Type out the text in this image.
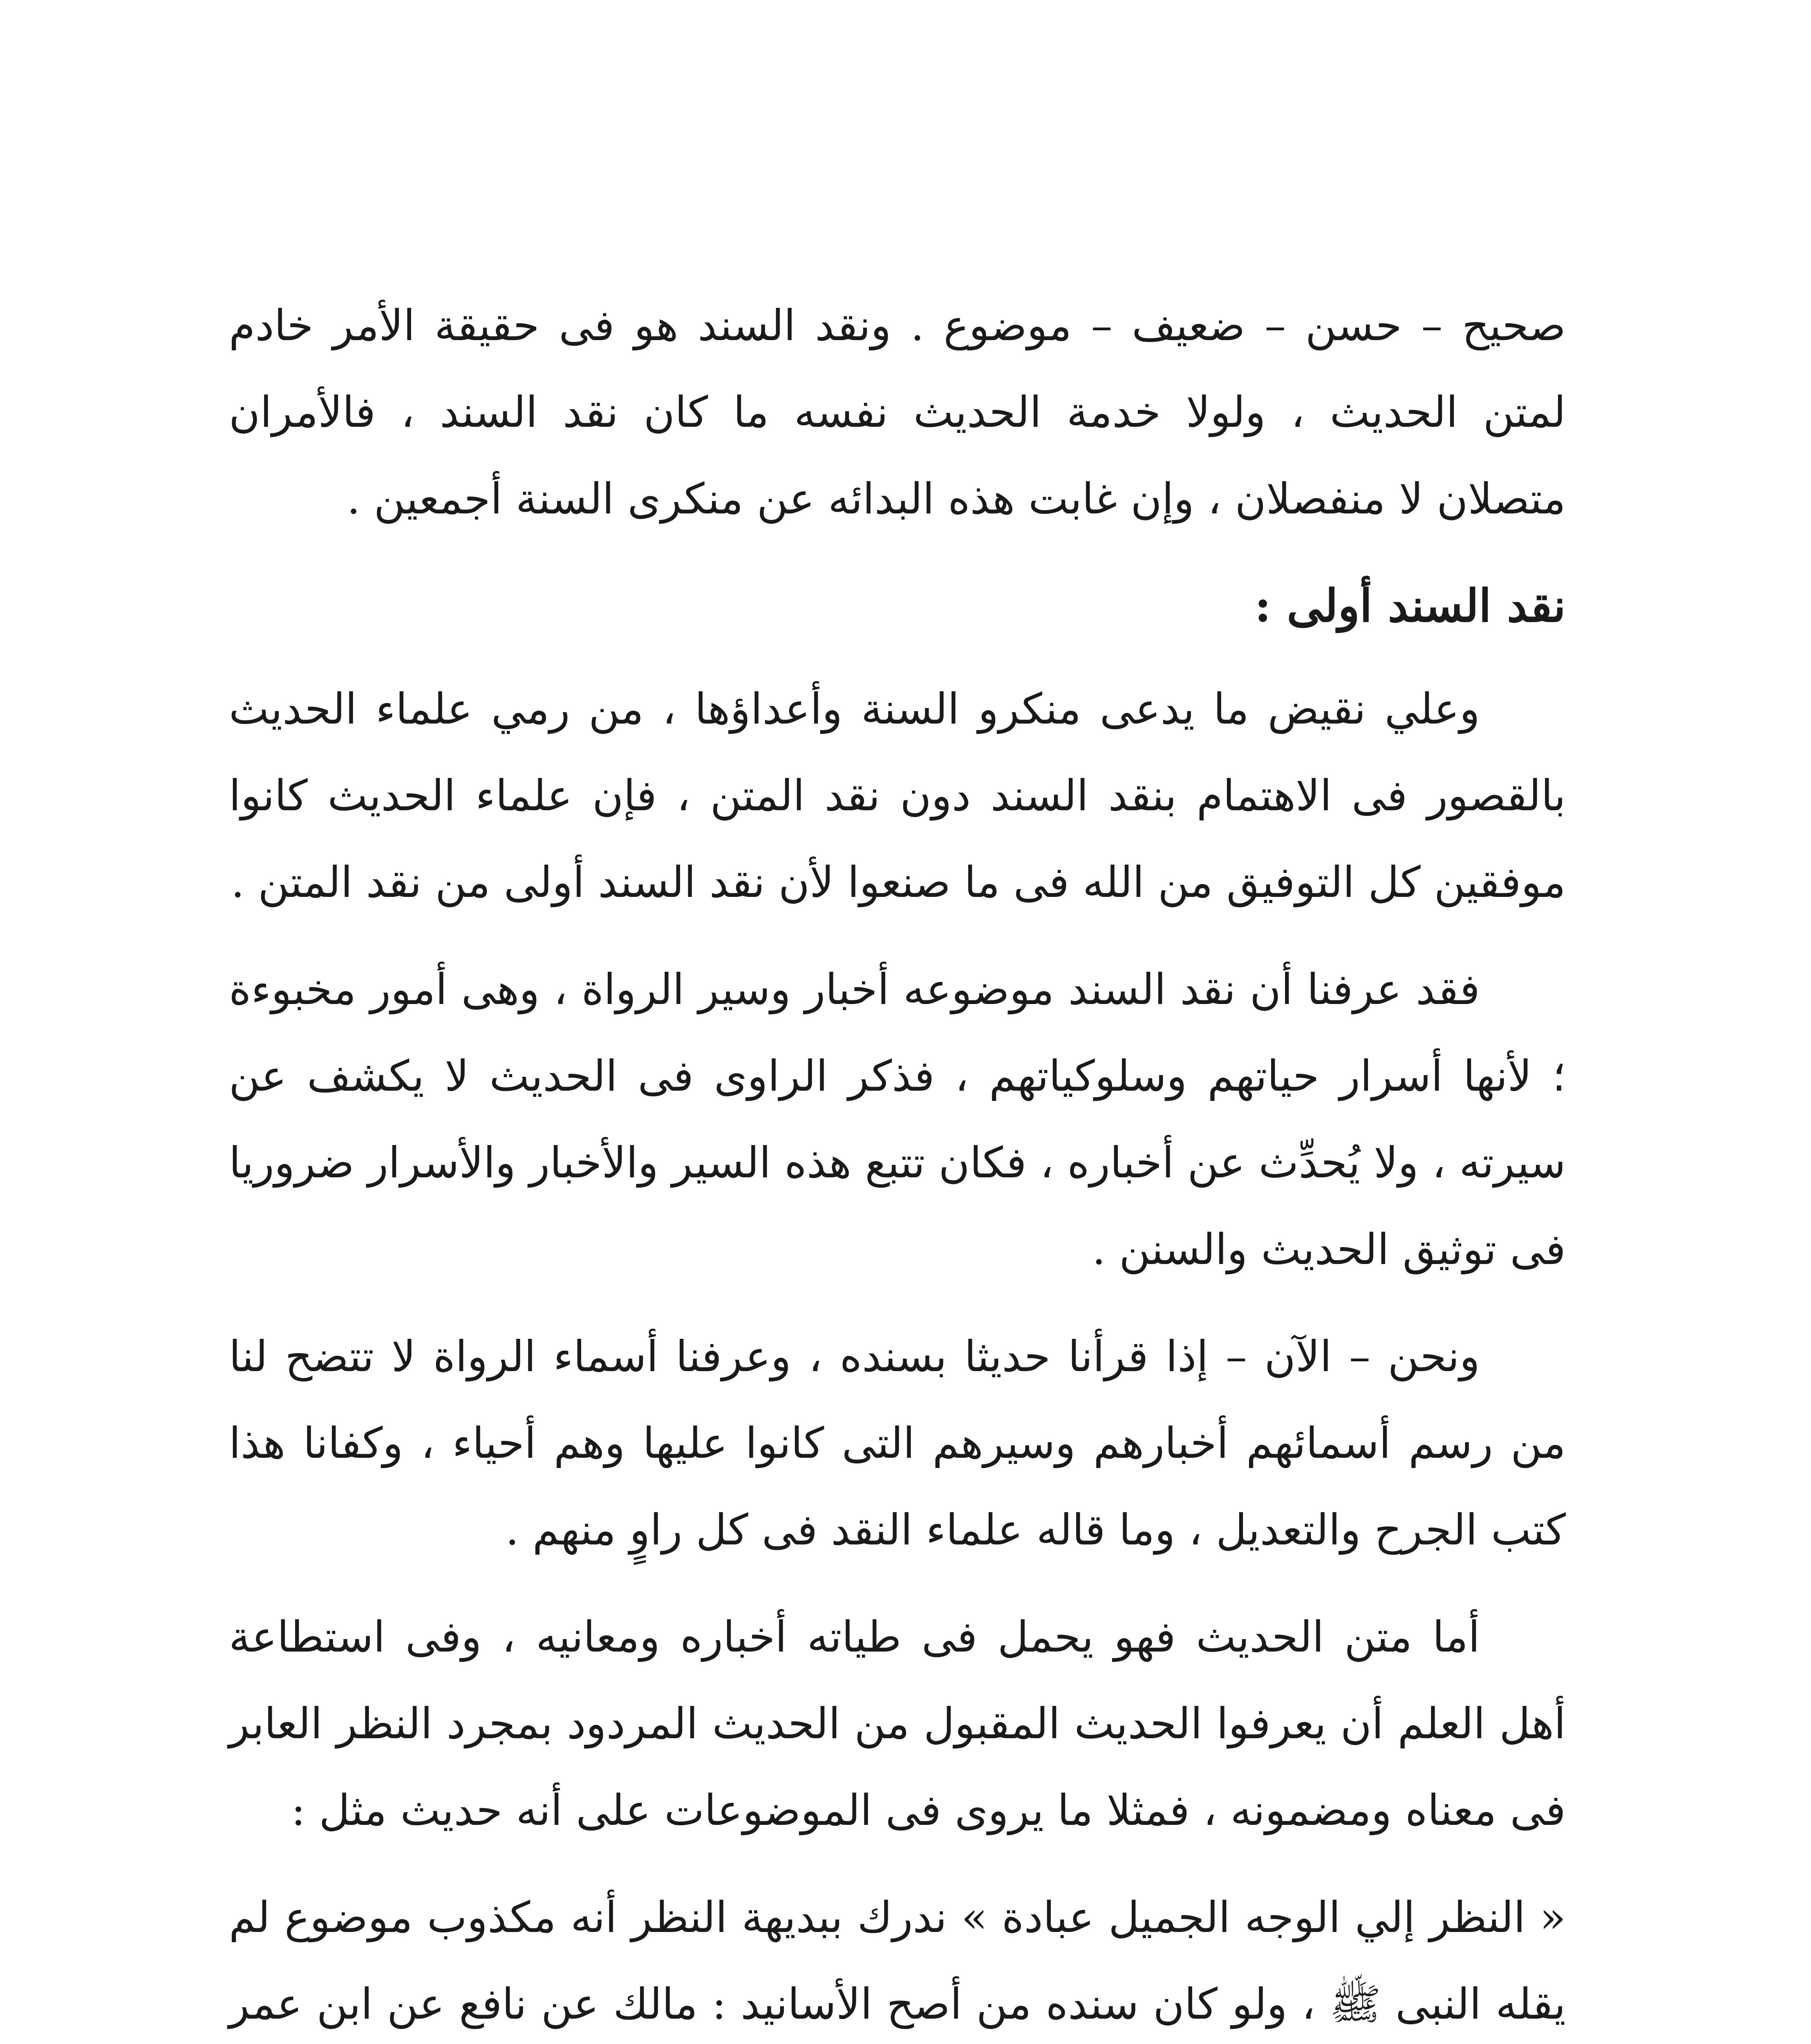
صحيح – حسن – ضعيف – موضوع . ونقد السند هو فى حقيقة الأمر خادم لمتن الحديث ، ولولا خدمة الحديث نفسه ما كان نقد السند ، فالأمران متصلان لا منفصلان ، وإن غابت هذه البدائه عن منكرى السنة أجمعين .

نقد السند أولى :

وعلي نقيض ما يدعى منكرو السنة وأعداؤها ، من رمي علماء الحديث بالقصور فى الاهتمام بنقد السند دون نقد المتن ، فإن علماء الحديث كانوا موفقين كل التوفيق من الله فى ما صنعوا لأن نقد السند أولى من نقد المتن .

فقد عرفنا أن نقد السند موضوعه أخبار وسير الرواة ، وهى أمور مخبوءة ؛ لأنها أسرار حياتهم وسلوكياتهم ، فذكر الراوى فى الحديث لا يكشف عن سيرته ، ولا يُحدِّث عن أخباره ، فكان تتبع هذه السير والأخبار والأسرار ضروريا فى توثيق الحديث والسنن .

ونحن – الآن – إذا قرأنا حديثا بسنده ، وعرفنا أسماء الرواة لا تتضح لنا من رسم أسمائهم أخبارهم وسيرهم التى كانوا عليها وهم أحياء ، وكفانا هذا كتب الجرح والتعديل ، وما قاله علماء النقد فى كل راوٍ منهم .

أما متن الحديث فهو يحمل فى طياته أخباره ومعانيه ، وفى استطاعة أهل العلم أن يعرفوا الحديث المقبول من الحديث المردود بمجرد النظر العابر فى معناه ومضمونه ، فمثلا ما يروى فى الموضوعات على أنه حديث مثل :

« النظر إلي الوجه الجميل عبادة » ندرك ببديهة النظر أنه مكذوب موضوع لم يقله النبى ﷺ ، ولو كان سنده من أصح الأسانيد : مالك عن نافع عن ابن عمر
